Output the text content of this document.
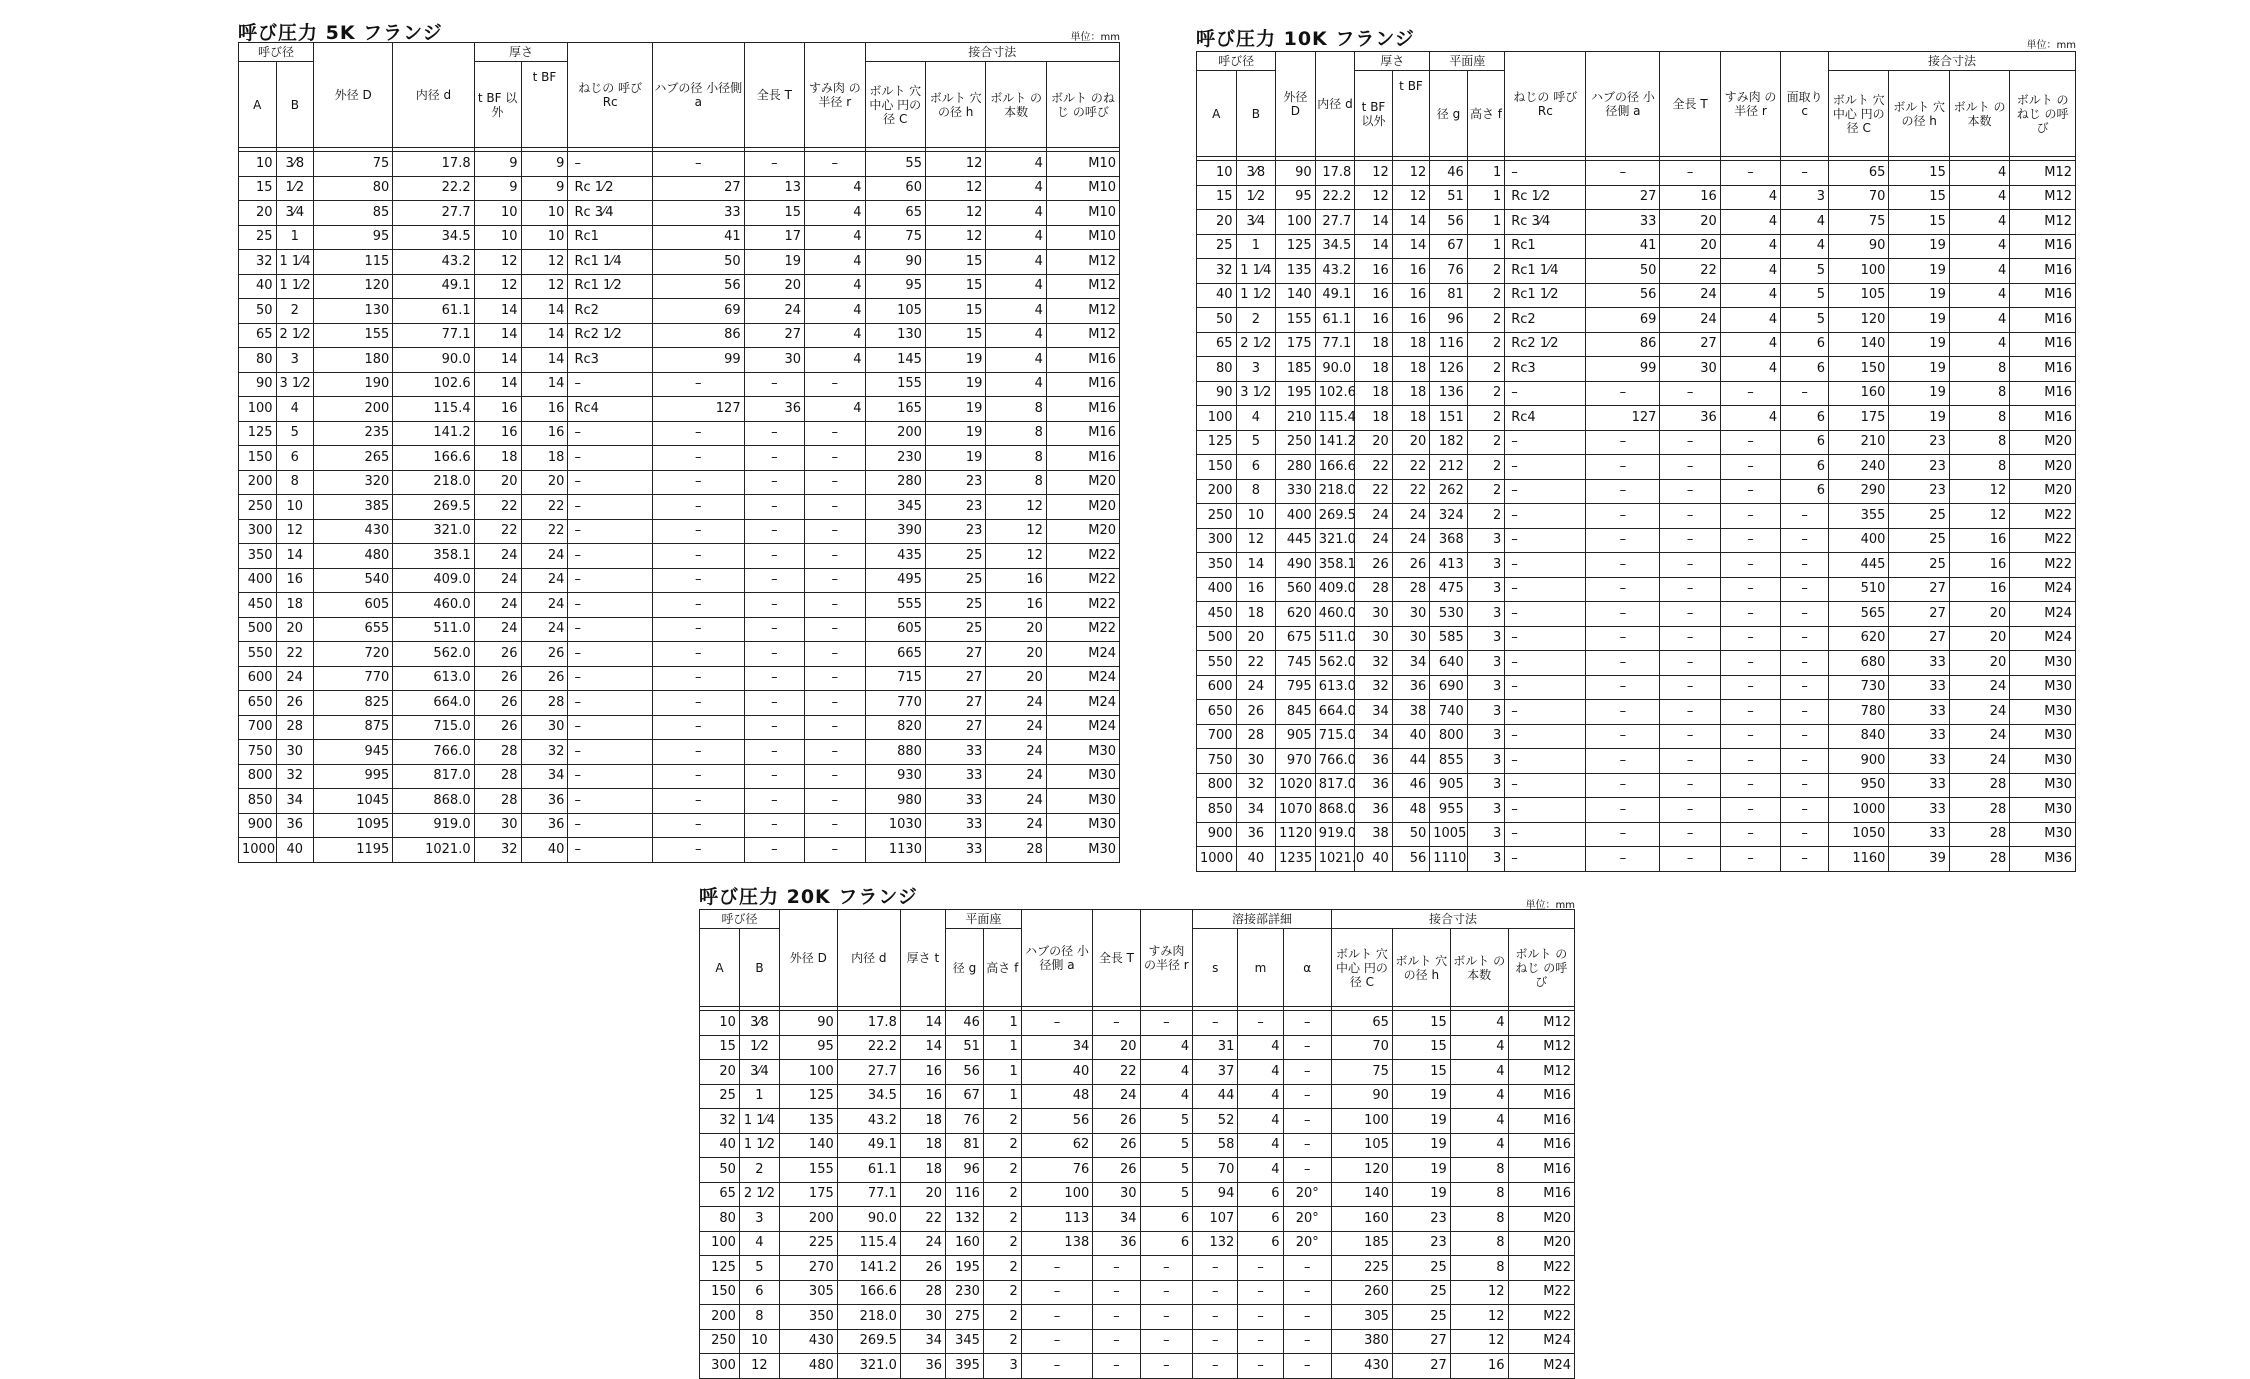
呼び圧力 5K フランジ	単位：mm
呼び径		外径 D	内径 d	厚さ		ねじの 呼び Rc	ハブの径 小径側 a	全長 T	すみ肉 の半径 r	接合寸法			
A	B			t BF 以外	t BF					ボルト 穴中心 円の径 C	ボルト 穴の径 h	ボルト の本数	ボルト のねじ の呼び

10	3⁄8	75	17.8	9	9	–	–	–	–	55	12	4	M10
15	1⁄2	80	22.2	9	9	Rc 1⁄2	27	13	4	60	12	4	M10
20	3⁄4	85	27.7	10	10	Rc 3⁄4	33	15	4	65	12	4	M10
25	1	95	34.5	10	10	Rc1	41	17	4	75	12	4	M10
32	1 1⁄4	115	43.2	12	12	Rc1 1⁄4	50	19	4	90	15	4	M12
40	1 1⁄2	120	49.1	12	12	Rc1 1⁄2	56	20	4	95	15	4	M12
50	2	130	61.1	14	14	Rc2	69	24	4	105	15	4	M12
65	2 1⁄2	155	77.1	14	14	Rc2 1⁄2	86	27	4	130	15	4	M12
80	3	180	90.0	14	14	Rc3	99	30	4	145	19	4	M16
90	3 1⁄2	190	102.6	14	14	–	–	–	–	155	19	4	M16
100	4	200	115.4	16	16	Rc4	127	36	4	165	19	8	M16
125	5	235	141.2	16	16	–	–	–	–	200	19	8	M16
150	6	265	166.6	18	18	–	–	–	–	230	19	8	M16
200	8	320	218.0	20	20	–	–	–	–	280	23	8	M20
250	10	385	269.5	22	22	–	–	–	–	345	23	12	M20
300	12	430	321.0	22	22	–	–	–	–	390	23	12	M20
350	14	480	358.1	24	24	–	–	–	–	435	25	12	M22
400	16	540	409.0	24	24	–	–	–	–	495	25	16	M22
450	18	605	460.0	24	24	–	–	–	–	555	25	16	M22
500	20	655	511.0	24	24	–	–	–	–	605	25	20	M22
550	22	720	562.0	26	26	–	–	–	–	665	27	20	M24
600	24	770	613.0	26	26	–	–	–	–	715	27	20	M24
650	26	825	664.0	26	28	–	–	–	–	770	27	24	M24
700	28	875	715.0	26	30	–	–	–	–	820	27	24	M24
750	30	945	766.0	28	32	–	–	–	–	880	33	24	M30
800	32	995	817.0	28	34	–	–	–	–	930	33	24	M30
850	34	1045	868.0	28	36	–	–	–	–	980	33	24	M30
900	36	1095	919.0	30	36	–	–	–	–	1030	33	24	M30
1000	40	1195	1021.0	32	40	–	–	–	–	1130	33	28	M30
呼び圧力 10K フランジ	単位：mm
呼び径		外径 D	内径 d	厚さ		平面座		ねじの 呼び Rc	ハブの径 小径側 a	全長 T	すみ肉 の半径 r	面取り c	接合寸法			
A	B			t BF 以外	t BF	径 g	高さ f						ボルト 穴中心 円の径 C	ボルト 穴の径 h	ボルト の本数	ボルト のねじ の呼び

10	3⁄8	90	17.8	12	12	46	1	–	–	–	–	–	65	15	4	M12
15	1⁄2	95	22.2	12	12	51	1	Rc 1⁄2	27	16	4	3	70	15	4	M12
20	3⁄4	100	27.7	14	14	56	1	Rc 3⁄4	33	20	4	4	75	15	4	M12
25	1	125	34.5	14	14	67	1	Rc1	41	20	4	4	90	19	4	M16
32	1 1⁄4	135	43.2	16	16	76	2	Rc1 1⁄4	50	22	4	5	100	19	4	M16
40	1 1⁄2	140	49.1	16	16	81	2	Rc1 1⁄2	56	24	4	5	105	19	4	M16
50	2	155	61.1	16	16	96	2	Rc2	69	24	4	5	120	19	4	M16
65	2 1⁄2	175	77.1	18	18	116	2	Rc2 1⁄2	86	27	4	6	140	19	4	M16
80	3	185	90.0	18	18	126	2	Rc3	99	30	4	6	150	19	8	M16
90	3 1⁄2	195	102.6	18	18	136	2	–	–	–	–	–	160	19	8	M16
100	4	210	115.4	18	18	151	2	Rc4	127	36	4	6	175	19	8	M16
125	5	250	141.2	20	20	182	2	–	–	–	–	6	210	23	8	M20
150	6	280	166.6	22	22	212	2	–	–	–	–	6	240	23	8	M20
200	8	330	218.0	22	22	262	2	–	–	–	–	6	290	23	12	M20
250	10	400	269.5	24	24	324	2	–	–	–	–	–	355	25	12	M22
300	12	445	321.0	24	24	368	3	–	–	–	–	–	400	25	16	M22
350	14	490	358.1	26	26	413	3	–	–	–	–	–	445	25	16	M22
400	16	560	409.0	28	28	475	3	–	–	–	–	–	510	27	16	M24
450	18	620	460.0	30	30	530	3	–	–	–	–	–	565	27	20	M24
500	20	675	511.0	30	30	585	3	–	–	–	–	–	620	27	20	M24
550	22	745	562.0	32	34	640	3	–	–	–	–	–	680	33	20	M30
600	24	795	613.0	32	36	690	3	–	–	–	–	–	730	33	24	M30
650	26	845	664.0	34	38	740	3	–	–	–	–	–	780	33	24	M30
700	28	905	715.0	34	40	800	3	–	–	–	–	–	840	33	24	M30
750	30	970	766.0	36	44	855	3	–	–	–	–	–	900	33	24	M30
800	32	1020	817.0	36	46	905	3	–	–	–	–	–	950	33	28	M30
850	34	1070	868.0	36	48	955	3	–	–	–	–	–	1000	33	28	M30
900	36	1120	919.0	38	50	1005	3	–	–	–	–	–	1050	33	28	M30
1000	40	1235	1021.0	40	56	1110	3	–	–	–	–	–	1160	39	28	M36
呼び圧力 20K フランジ	単位：mm
呼び径		外径 D	内径 d	厚さ t	平面座		ハブの径 小径側 a	全長 T	すみ肉 の半径 r	溶接部詳細			接合寸法			
A	B				径 g	高さ f				s	m	α	ボルト 穴中心 円の径 C	ボルト 穴の径 h	ボルト の本数	ボルト のねじ の呼び

10	3⁄8	90	17.8	14	46	1	–	–	–	–	–	–	65	15	4	M12
15	1⁄2	95	22.2	14	51	1	34	20	4	31	4	–	70	15	4	M12
20	3⁄4	100	27.7	16	56	1	40	22	4	37	4	–	75	15	4	M12
25	1	125	34.5	16	67	1	48	24	4	44	4	–	90	19	4	M16
32	1 1⁄4	135	43.2	18	76	2	56	26	5	52	4	–	100	19	4	M16
40	1 1⁄2	140	49.1	18	81	2	62	26	5	58	4	–	105	19	4	M16
50	2	155	61.1	18	96	2	76	26	5	70	4	–	120	19	8	M16
65	2 1⁄2	175	77.1	20	116	2	100	30	5	94	6	20°	140	19	8	M16
80	3	200	90.0	22	132	2	113	34	6	107	6	20°	160	23	8	M20
100	4	225	115.4	24	160	2	138	36	6	132	6	20°	185	23	8	M20
125	5	270	141.2	26	195	2	–	–	–	–	–	–	225	25	8	M22
150	6	305	166.6	28	230	2	–	–	–	–	–	–	260	25	12	M22
200	8	350	218.0	30	275	2	–	–	–	–	–	–	305	25	12	M22
250	10	430	269.5	34	345	2	–	–	–	–	–	–	380	27	12	M24
300	12	480	321.0	36	395	3	–	–	–	–	–	–	430	27	16	M24
